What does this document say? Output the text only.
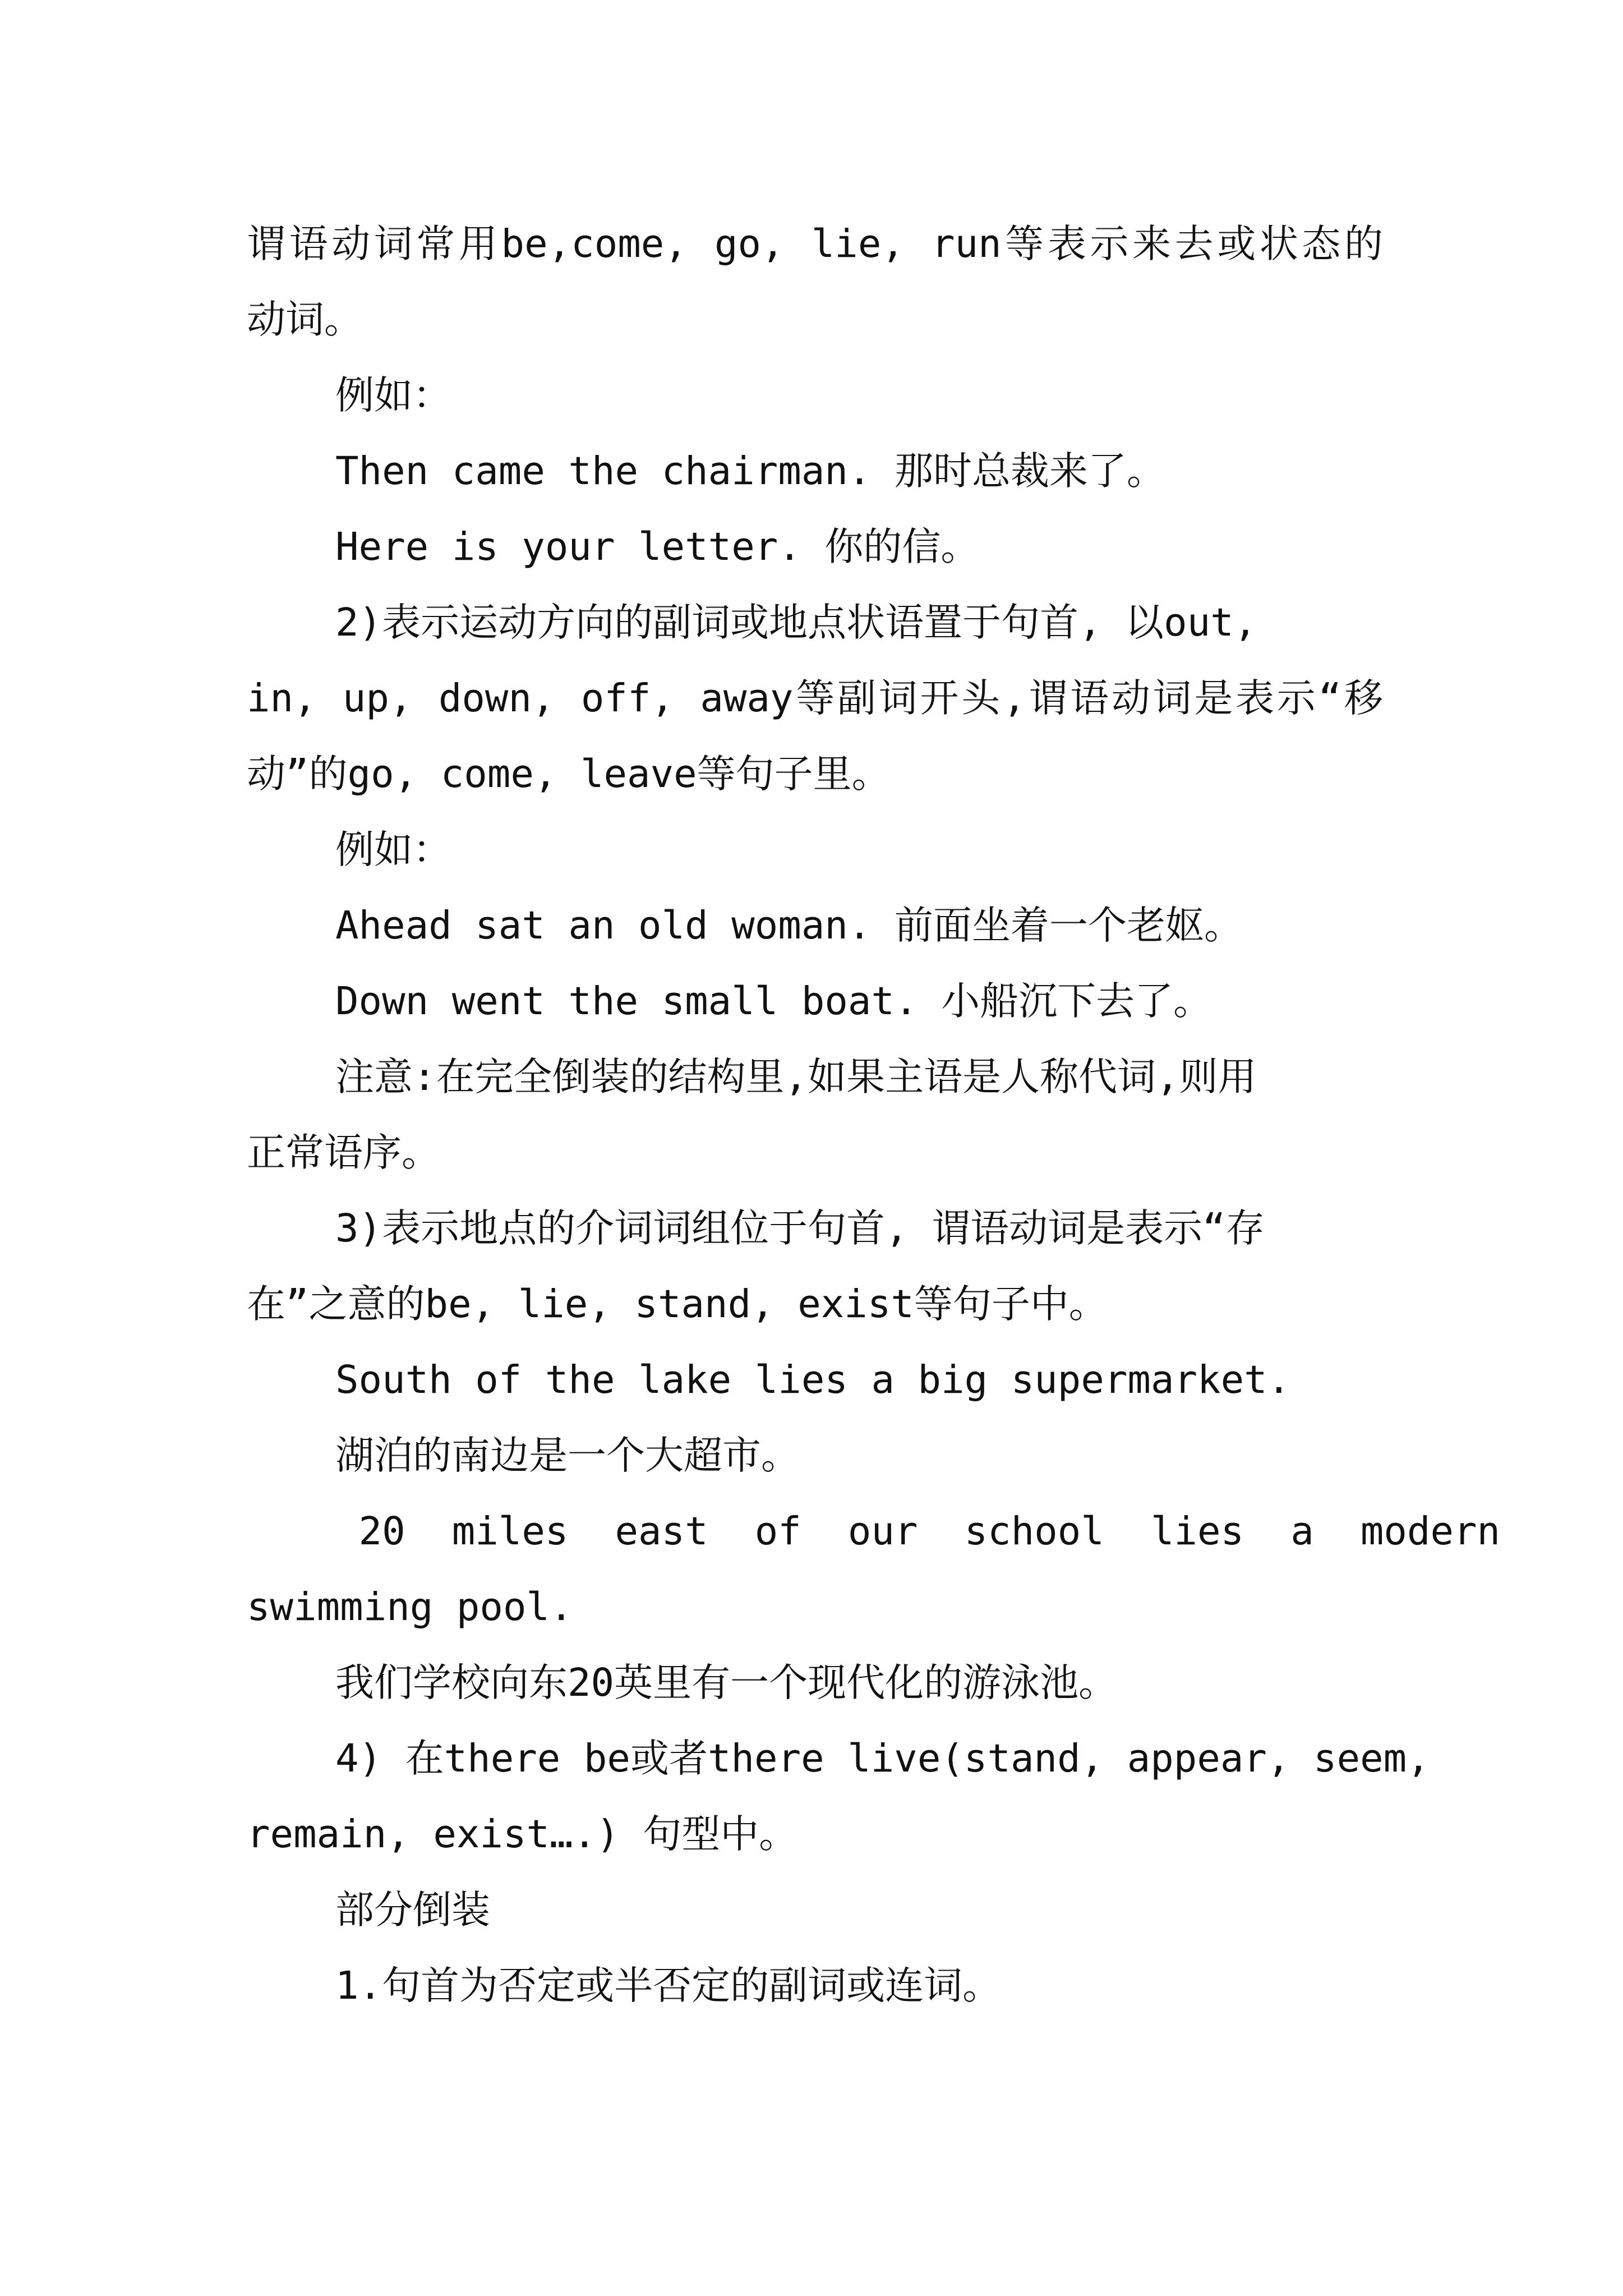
谓语动词常用be,come, go, lie, run等表示来去或状态的

动词。

例如：

Then came the chairman. 那时总裁来了。

Here is your letter. 你的信。

2)表示运动方向的副词或地点状语置于句首, 以out,

in, up, down, off, away等副词开头,谓语动词是表示“移

动”的go, come, leave等句子里。

例如：

Ahead sat an old woman. 前面坐着一个老妪。

Down went the small boat. 小船沉下去了。

注意:在完全倒装的结构里,如果主语是人称代词,则用

正常语序。

3)表示地点的介词词组位于句首, 谓语动词是表示“存

在”之意的be, lie, stand, exist等句子中。

South of the lake lies a big supermarket.

湖泊的南边是一个大超市。

20  miles  east  of  our  school  lies  a  modern

swimming pool.

我们学校向东20英里有一个现代化的游泳池。

4) 在there be或者there live(stand, appear, seem,

remain, exist….) 句型中。

部分倒装

1.句首为否定或半否定的副词或连词。
